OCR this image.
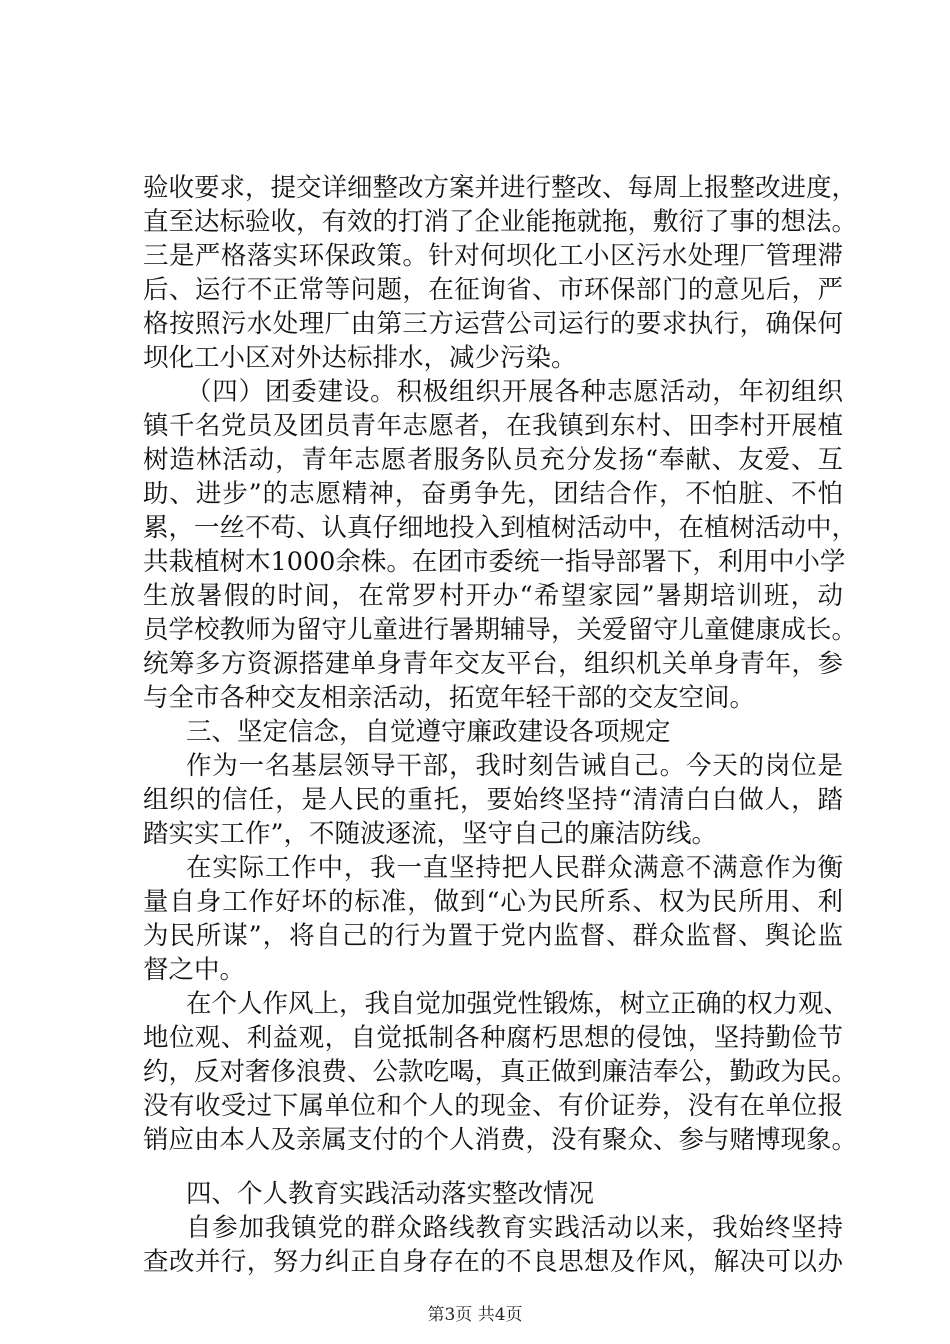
验收要求，提交详细整改方案并进行整改、每周上报整改进度，
直至达标验收，有效的打消了企业能拖就拖，敷衍了事的想法。
三是严格落实环保政策。针对何坝化工小区污水处理厂管理滞
后、运行不正常等问题，在征询省、市环保部门的意见后，严
格按照污水处理厂由第三方运营公司运行的要求执行，确保何
坝化工小区对外达标排水，减少污染。
（四）团委建设。积极组织开展各种志愿活动，年初组织
镇千名党员及团员青年志愿者，在我镇到东村、田李村开展植
树造林活动，青年志愿者服务队员充分发扬“奉献、友爱、互
助、进步”的志愿精神，奋勇争先，团结合作，不怕脏、不怕
累，一丝不苟、认真仔细地投入到植树活动中，在植树活动中，
共栽植树木1000余株。在团市委统一指导部署下，利用中小学
生放暑假的时间，在常罗村开办“希望家园”暑期培训班，动
员学校教师为留守儿童进行暑期辅导，关爱留守儿童健康成长。
统筹多方资源搭建单身青年交友平台，组织机关单身青年，参
与全市各种交友相亲活动，拓宽年轻干部的交友空间。
三、坚定信念，自觉遵守廉政建设各项规定
作为一名基层领导干部，我时刻告诫自己。今天的岗位是
组织的信任，是人民的重托，要始终坚持“清清白白做人，踏
踏实实工作”，不随波逐流，坚守自己的廉洁防线。
在实际工作中，我一直坚持把人民群众满意不满意作为衡
量自身工作好坏的标准，做到“心为民所系、权为民所用、利
为民所谋”，将自己的行为置于党内监督、群众监督、舆论监
督之中。
在个人作风上，我自觉加强党性锻炼，树立正确的权力观、
地位观、利益观，自觉抵制各种腐朽思想的侵蚀，坚持勤俭节
约，反对奢侈浪费、公款吃喝，真正做到廉洁奉公，勤政为民。
没有收受过下属单位和个人的现金、有价证券，没有在单位报
销应由本人及亲属支付的个人消费，没有聚众、参与赌博现象。
四、个人教育实践活动落实整改情况
自参加我镇党的群众路线教育实践活动以来，我始终坚持
查改并行，努力纠正自身存在的不良思想及作风，解决可以办
第3页 共4页
